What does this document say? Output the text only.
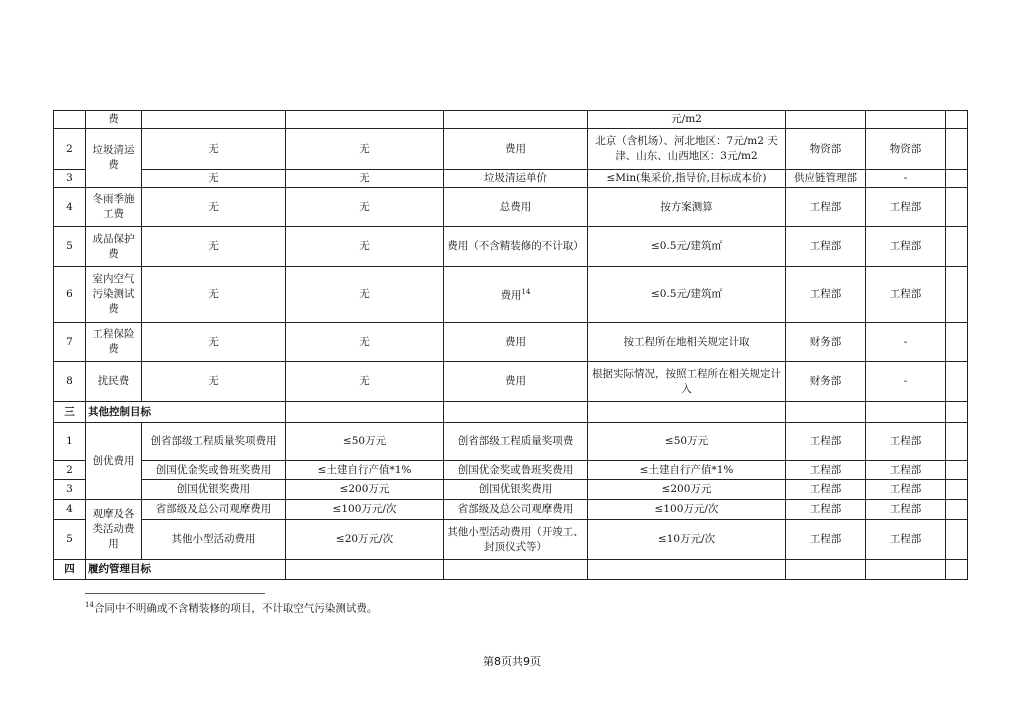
	费				元/m2			
2	垃圾清运费	无	无	费用	北京（含机场）、河北地区：7元/m2 天津、山东、山西地区：3元/m2	物资部	物资部	
3		无	无	垃圾清运单价	≤Min(集采价,指导价,目标成本价)	供应链管理部	-	
4	冬雨季施工费	无	无	总费用	按方案测算	工程部	工程部	
5	成品保护费	无	无	费用（不含精装修的不计取）	≤0.5元/建筑㎡	工程部	工程部	
6	室内空气污染测试费	无	无	费用$^{14}$	≤0.5元/建筑㎡	工程部	工程部	
7	工程保险费	无	无	费用	按工程所在地相关规定计取	财务部	-	
8	扰民费	无	无	费用	根据实际情况，按照工程所在相关规定计入	财务部	-	
三	其他控制目标							
1	创优费用	创省部级工程质量奖项费用	≤50万元	创省部级工程质量奖项费	≤50万元	工程部	工程部	
2		创国优金奖或鲁班奖费用	≤土建自行产值*1%	创国优金奖或鲁班奖费用	≤土建自行产值*1%	工程部	工程部	
3		创国优银奖费用	≤200万元	创国优银奖费用	≤200万元	工程部	工程部	
4	观摩及各类活动费用	省部级及总公司观摩费用	≤100万元/次	省部级及总公司观摩费用	≤100万元/次	工程部	工程部	
5		其他小型活动费用	≤20万元/次	其他小型活动费用（开竣工、封顶仪式等）	≤10万元/次	工程部	工程部	
四	履约管理目标							
$^{14}$合同中不明确或不含精装修的项目，不计取空气污染测试费。
第8页共9页
